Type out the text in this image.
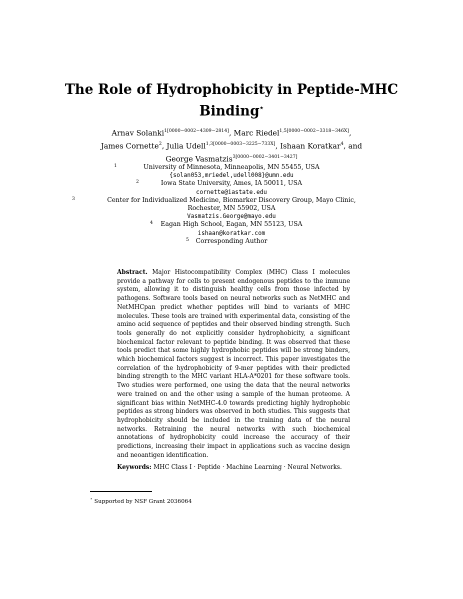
The Role of Hydrophobicity in Peptide-MHC
Binding⋆
Arnav Solanki$^{1[0000-0002-4309-2814]}$, Marc Riedel$^{1,5[0000-0002-3318-346X]}$,
James Cornette$^2$, Julia Udell$^{1,3[0000-0003-3225-733X]}$, Ishaan Koratkar$^4$, and
George Vasmatzis$^{3[0000-0002-3401-3427]}$
1	University of Minnesota, Minneapolis, MN 55455, USA
{solan053,mriedel,udell008}@umn.edu
2	Iowa State University, Ames, IA 50011, USA
cornette@iastate.edu
3	Center for Individualized Medicine, Biomarker Discovery Group, Mayo Clinic,
Rochester, MN 55902, USA
Vasmatzis.George@mayo.edu
4	Eagan High School, Eagan, MN 55123, USA
ishaan@koratkar.com
5	Corresponding Author
Abstract. Major Histocompatibility Complex (MHC) Class I molecules provide a pathway for cells to present endogenous peptides to the immune system, allowing it to distinguish healthy cells from those infected by pathogens. Software tools based on neural networks such as NetMHC and NetMHCpan predict whether peptides will bind to variants of MHC molecules. These tools are trained with experimental data, consisting of the amino acid sequence of peptides and their observed binding strength. Such tools generally do not explicitly consider hydrophobicity, a significant biochemical factor relevant to peptide binding. It was observed that these tools predict that some highly hydrophobic peptides will be strong binders, which biochemical factors suggest is incorrect. This paper investigates the correlation of the hydrophobicity of 9-mer peptides with their predicted binding strength to the MHC variant HLA-A*0201 for these software tools. Two studies were performed, one using the data that the neural networks were trained on and the other using a sample of the human proteome. A significant bias within NetMHC-4.0 towards predicting highly hydrophobic peptides as strong binders was observed in both studies. This suggests that hydrophobicity should be included in the training data of the neural networks. Retraining the neural networks with such biochemical annotations of hydrophobicity could increase the accuracy of their predictions, increasing their impact in applications such as vaccine design and neoantigen identification.
Keywords: MHC Class I · Peptide · Machine Learning · Neural Networks.
⋆ Supported by NSF Grant 2036064
